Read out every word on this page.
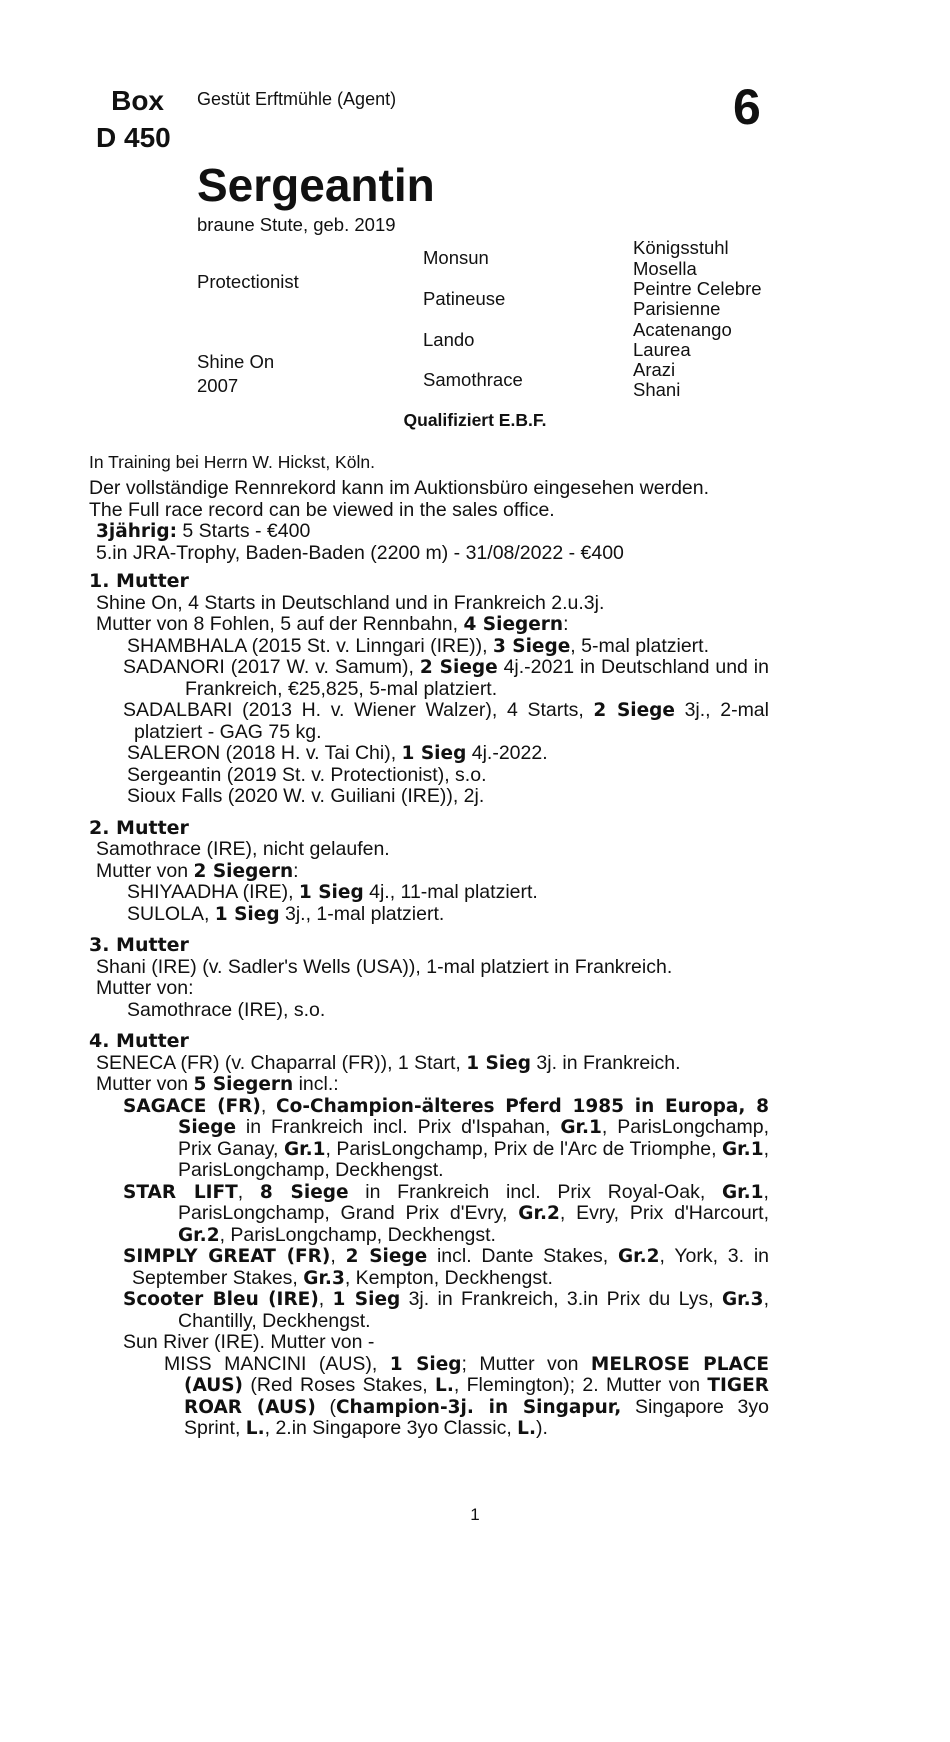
Box
D 450
Gestüt Erftmühle (Agent)	6
Sergeantin
braune Stute, geb. 2019
Protectionist
Shine On
2007
Monsun
Patineuse
Lando
Samothrace
Königsstuhl
Mosella
Peintre Celebre
Parisienne
Acatenango
Laurea
Arazi
Shani
Qualifiziert E.B.F.
In Training bei Herrn W. Hickst, Köln.
Der vollständige Rennrekord kann im Auktionsbüro eingesehen werden.
The Full race record can be viewed in the sales office.
3jährig: 5 Starts - €400
5.in JRA-Trophy, Baden-Baden (2200 m) - 31/08/2022 - €400
1. Mutter
Shine On, 4 Starts in Deutschland und in Frankreich 2.u.3j.
Mutter von 8 Fohlen, 5 auf der Rennbahn, 4 Siegern:
SHAMBHALA (2015 St. v. Linngari (IRE)), 3 Siege, 5-mal platziert.
SADANORI (2017 W. v. Samum), 2 Siege 4j.-2021 in Deutschland und in Frankreich, €25,825, 5-mal platziert.
SADALBARI (2013 H. v. Wiener Walzer), 4 Starts, 2 Siege 3j., 2-mal platziert - GAG 75 kg.
SALERON (2018 H. v. Tai Chi), 1 Sieg 4j.-2022.
Sergeantin (2019 St. v. Protectionist), s.o.
Sioux Falls (2020 W. v. Guiliani (IRE)), 2j.
2. Mutter
Samothrace (IRE), nicht gelaufen.
Mutter von 2 Siegern:
SHIYAADHA (IRE), 1 Sieg 4j., 11-mal platziert.
SULOLA, 1 Sieg 3j., 1-mal platziert.
3. Mutter
Shani (IRE) (v. Sadler's Wells (USA)), 1-mal platziert in Frankreich.
Mutter von:
Samothrace (IRE), s.o.
4. Mutter
SENECA (FR) (v. Chaparral (FR)), 1 Start, 1 Sieg 3j. in Frankreich.
Mutter von 5 Siegern incl.:
SAGACE (FR), Co-Champion-älteres Pferd 1985 in Europa, 8 Siege in Frankreich incl. Prix d'Ispahan, Gr.1, ParisLongchamp, Prix Ganay, Gr.1, ParisLongchamp, Prix de l'Arc de Triomphe, Gr.1, ParisLongchamp, Deckhengst.
STAR LIFT, 8 Siege in Frankreich incl. Prix Royal-Oak, Gr.1, ParisLongchamp, Grand Prix d'Evry, Gr.2, Evry, Prix d'Harcourt, Gr.2, ParisLongchamp, Deckhengst.
SIMPLY GREAT (FR), 2 Siege incl. Dante Stakes, Gr.2, York, 3. in September Stakes, Gr.3, Kempton, Deckhengst.
Scooter Bleu (IRE), 1 Sieg 3j. in Frankreich, 3.in Prix du Lys, Gr.3, Chantilly, Deckhengst.
Sun River (IRE). Mutter von -
MISS MANCINI (AUS), 1 Sieg; Mutter von MELROSE PLACE (AUS) (Red Roses Stakes, L., Flemington); 2. Mutter von TIGER ROAR (AUS) (Champion-3j. in Singapur, Singapore 3yo Sprint, L., 2.in Singapore 3yo Classic, L.).
1
